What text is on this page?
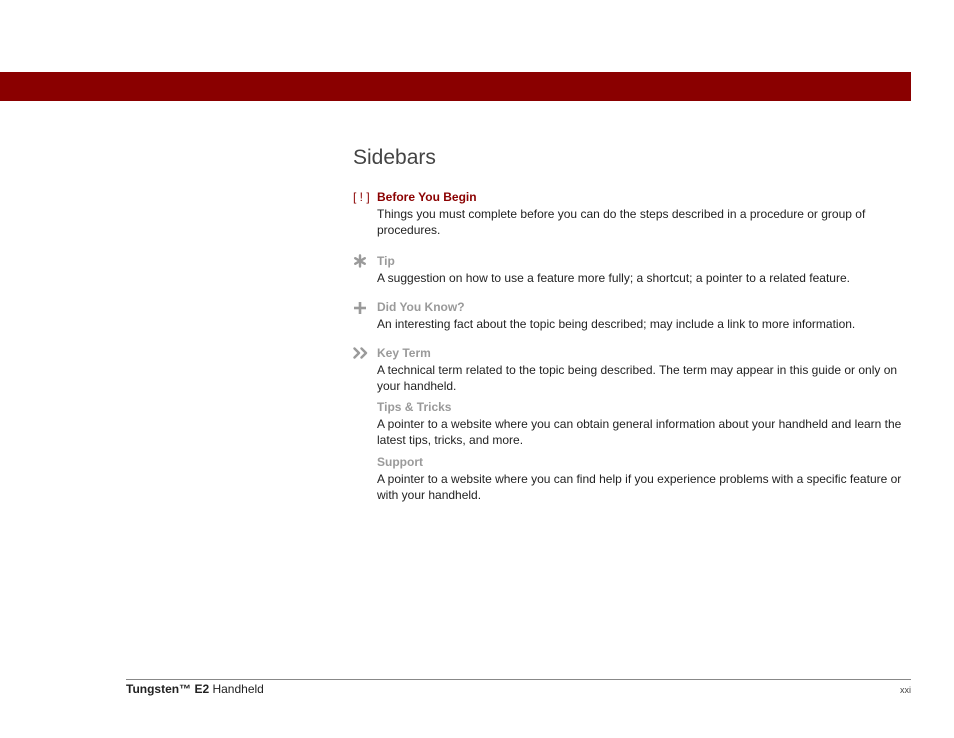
Sidebars
[ ! ] Before You Begin
Things you must complete before you can do the steps described in a procedure or group of procedures.
Tip
A suggestion on how to use a feature more fully; a shortcut; a pointer to a related feature.
Did You Know?
An interesting fact about the topic being described; may include a link to more information.
Key Term
A technical term related to the topic being described. The term may appear in this guide or only on your handheld.
Tips & Tricks
A pointer to a website where you can obtain general information about your handheld and learn the latest tips, tricks, and more.
Support
A pointer to a website where you can find help if you experience problems with a specific feature or with your handheld.
Tungsten™ E2 Handheld	xxi
